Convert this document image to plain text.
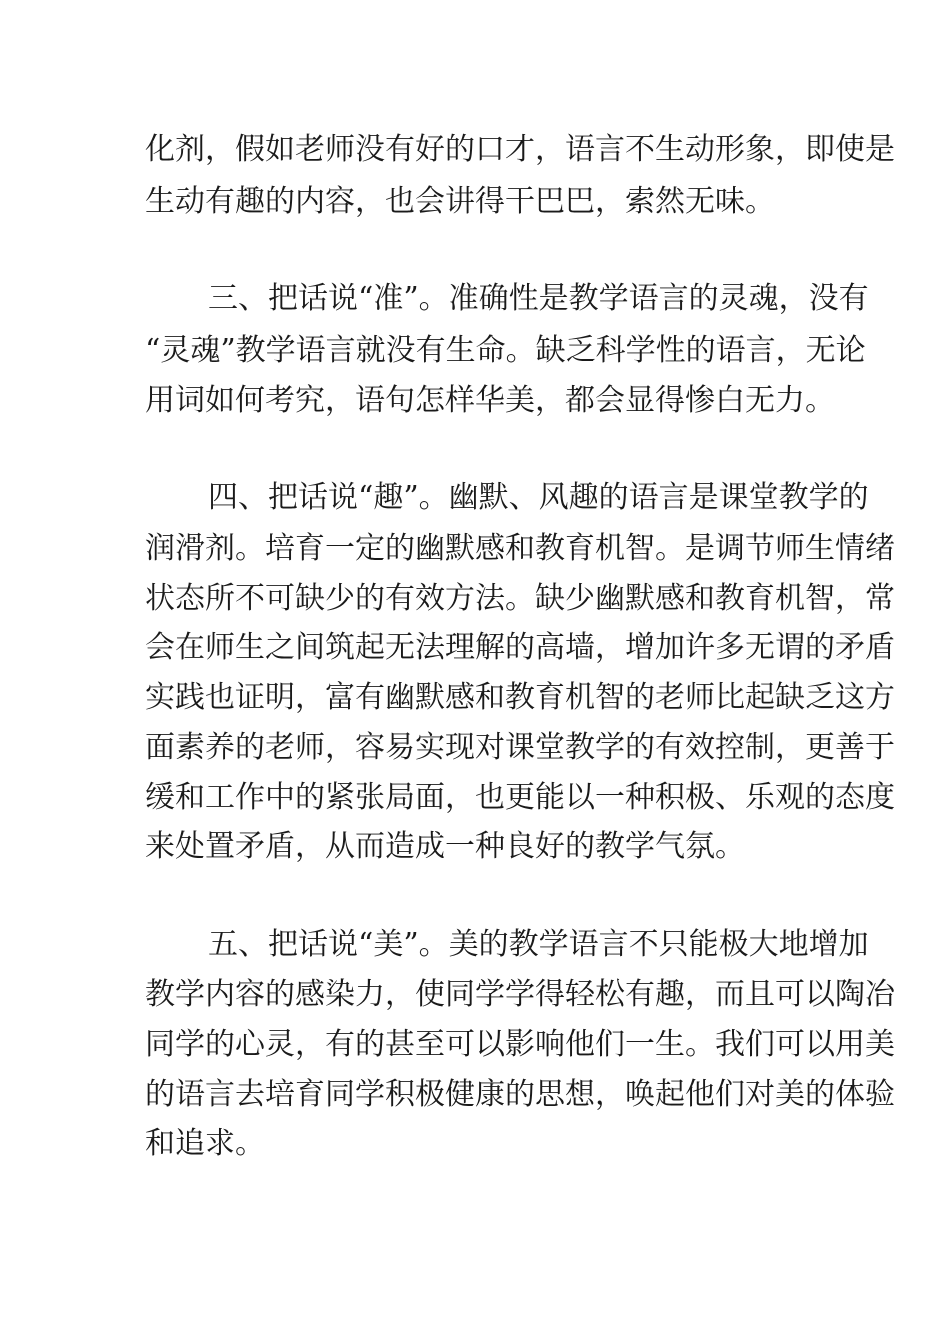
化剂，假如老师没有好的口才，语言不生动形象，即使是
生动有趣的内容，也会讲得干巴巴，索然无味。
三、把话说“准”。准确性是教学语言的灵魂，没有
“灵魂”教学语言就没有生命。缺乏科学性的语言，无论
用词如何考究，语句怎样华美，都会显得惨白无力。
四、把话说“趣”。幽默、风趣的语言是课堂教学的
润滑剂。培育一定的幽默感和教育机智。是调节师生情绪
状态所不可缺少的有效方法。缺少幽默感和教育机智，常
会在师生之间筑起无法理解的高墙，增加许多无谓的矛盾
实践也证明，富有幽默感和教育机智的老师比起缺乏这方
面素养的老师，容易实现对课堂教学的有效控制，更善于
缓和工作中的紧张局面，也更能以一种积极、乐观的态度
来处置矛盾，从而造成一种良好的教学气氛。
五、把话说“美”。美的教学语言不只能极大地增加
教学内容的感染力，使同学学得轻松有趣，而且可以陶冶
同学的心灵，有的甚至可以影响他们一生。我们可以用美
的语言去培育同学积极健康的思想，唤起他们对美的体验
和追求。
